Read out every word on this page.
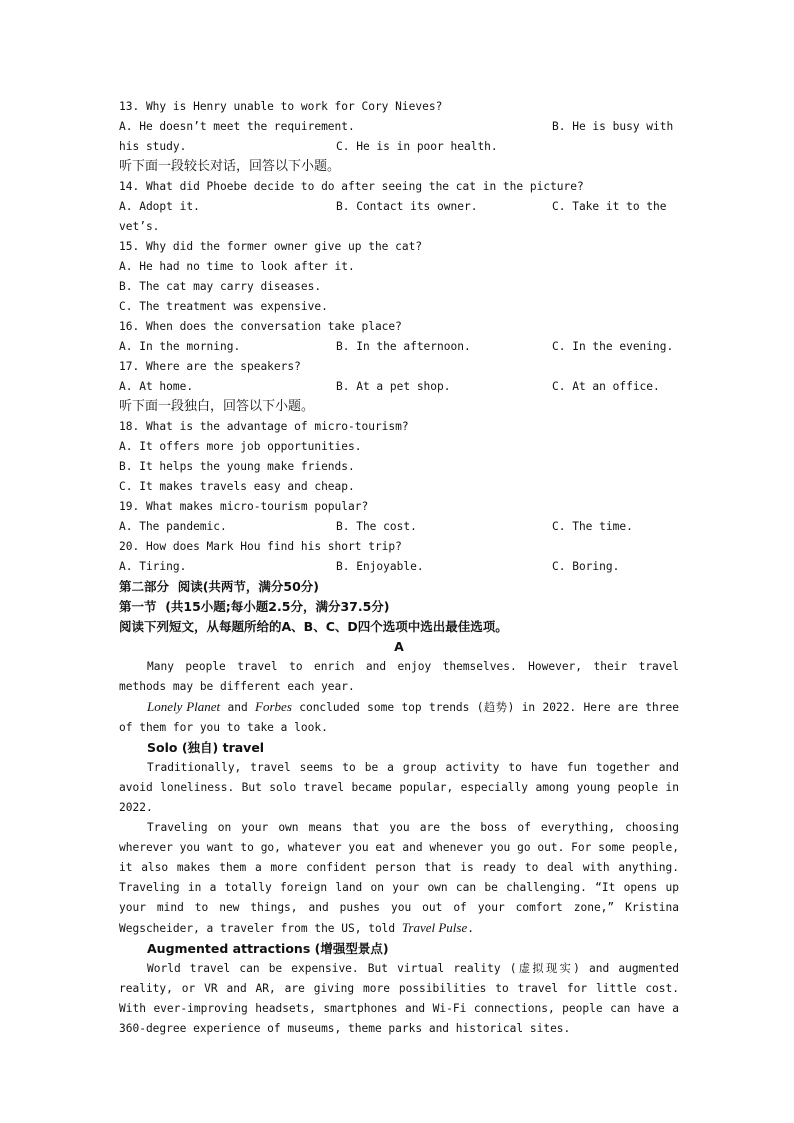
13. Why is Henry unable to work for Cory Nieves?

A. He doesn’t meet the requirement.

	B. He is busy with

his study.

	C. He is in poor health.

听下面一段较长对话，回答以下小题。
14. What did Phoebe decide to do after seeing the cat in the picture?

A. Adopt it.

	B. Contact its owner.

	C. Take it to the

vet’s.
15. Why did the former owner give up the cat?
A. He had no time to look after it.
B. The cat may carry diseases.
C. The treatment was expensive.
16. When does the conversation take place?

A. In the morning.

	B. In the afternoon.

	C. In the evening.

17. Where are the speakers?

A. At home.

	B. At a pet shop.

	C. At an office.

听下面一段独白，回答以下小题。
18. What is the advantage of micro-tourism?
A. It offers more job opportunities.
B. It helps the young make friends.
C. It makes travels easy and cheap.
19. What makes micro-tourism popular?

A. The pandemic.

	B. The cost.

	C. The time.

20. How does Mark Hou find his short trip?

A. Tiring.

	B. Enjoyable.

	C. Boring.

第二部分  阅读(共两节，满分50分)
第一节  (共15小题;每小题2.5分，满分37.5分)
阅读下列短文，从每题所给的A、B、C、D四个选项中选出最佳选项。
A
Many people travel to enrich and enjoy themselves. However, their travel methods may be different each year.
Lonely Planet and Forbes concluded some top trends (趋势) in 2022. Here are three of them for you to take a look.
Solo (独自) travel
Traditionally, travel seems to be a group activity to have fun together and avoid loneliness. But solo travel became popular, especially among young people in 2022.
Traveling on your own means that you are the boss of everything, choosing wherever you want to go, whatever you eat and whenever you go out. For some people, it also makes them a more confident person that is ready to deal with anything. Traveling in a totally foreign land on your own can be challenging. “It opens up your mind to new things, and pushes you out of your comfort zone,” Kristina Wegscheider, a traveler from the US, told Travel Pulse.
Augmented attractions (增强型景点)
World travel can be expensive. But virtual reality (虚拟现实) and augmented reality, or VR and AR, are giving more possibilities to travel for little cost. With ever-improving headsets, smartphones and Wi-Fi connections, people can have a 360-degree experience of museums, theme parks and historical sites.
